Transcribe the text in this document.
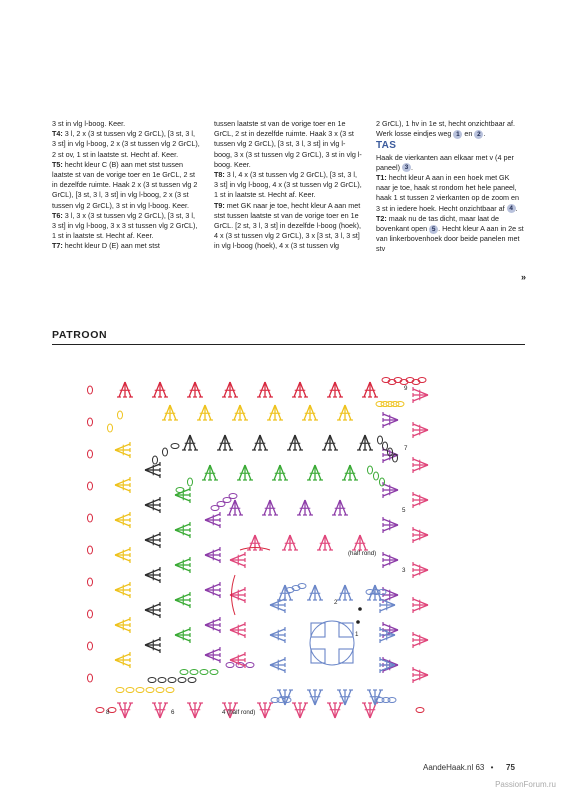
3 st in vlg l-boog. Keer.

T4: 3 l, 2 x (3 st tussen vlg 2 GrCL), [3 st, 3 l, 3 st] in vlg l-boog, 2 x (3 st tussen vlg 2 GrCL), 2 st ov, 1 st in laatste st. Hecht af. Keer.

T5: hecht kleur C (B) aan met stst tussen laatste st van de vorige toer en 1e GrCL, 2 st in dezelfde ruimte. Haak 2 x (3 st tussen vlg 2 GrCL), [3 st, 3 l, 3 st] in vlg l-boog, 2 x (3 st tussen vlg 2 GrCL), 3 st in vlg l-boog. Keer.

T6: 3 l, 3 x (3 st tussen vlg 2 GrCL), [3 st, 3 l, 3 st] in vlg l-boog, 3 x 3 st tussen vlg 2 GrCL), 1 st in laatste st. Hecht af. Keer.

T7: hecht kleur D (E) aan met stst

tussen laatste st van de vorige toer en 1e GrCL, 2 st in dezelfde ruimte. Haak 3 x (3 st tussen vlg 2 GrCL), [3 st, 3 l, 3 st] in vlg l-boog, 3 x (3 st tussen vlg 2 GrCL), 3 st in vlg l-boog. Keer.

T8: 3 l, 4 x (3 st tussen vlg 2 GrCL), [3 st, 3 l, 3 st] in vlg l-boog, 4 x (3 st tussen vlg 2 GrCL), 1 st in laatste st. Hecht af. Keer.

T9: met GK naar je toe, hecht kleur A aan met stst tussen laatste st van de vorige toer en 1e GrCL. [2 st, 3 l, 3 st] in dezelfde l-boog (hoek), 4 x (3 st tussen vlg 2 GrCL), 3 x [3 st, 3 l, 3 st] in vlg l-boog (hoek), 4 x (3 st tussen vlg

2 GrCL), 1 hv in 1e st, hecht onzichtbaar af. Werk losse eindjes weg 1 en 2 .

TAS

Haak de vierkanten aan elkaar met v (4 per paneel) 3 .

T1: hecht kleur A aan in een hoek met GK naar je toe, haak st rondom het hele paneel, haak 1 st tussen 2 vierkanten op de zoom en 3 st in iedere hoek. Hecht onzichtbaar af 4 .

T2: maak nu de tas dicht, maar laat de bovenkant open 5 . Hecht kleur A aan in 2e st van linkerbovenhoek door beide panelen met stv

»
PATROON
9
7
5
(half rond)
3
2
1
8	6	4 (half rond)
AandeHaak.nl 63 • 75
PassionForum.ru
